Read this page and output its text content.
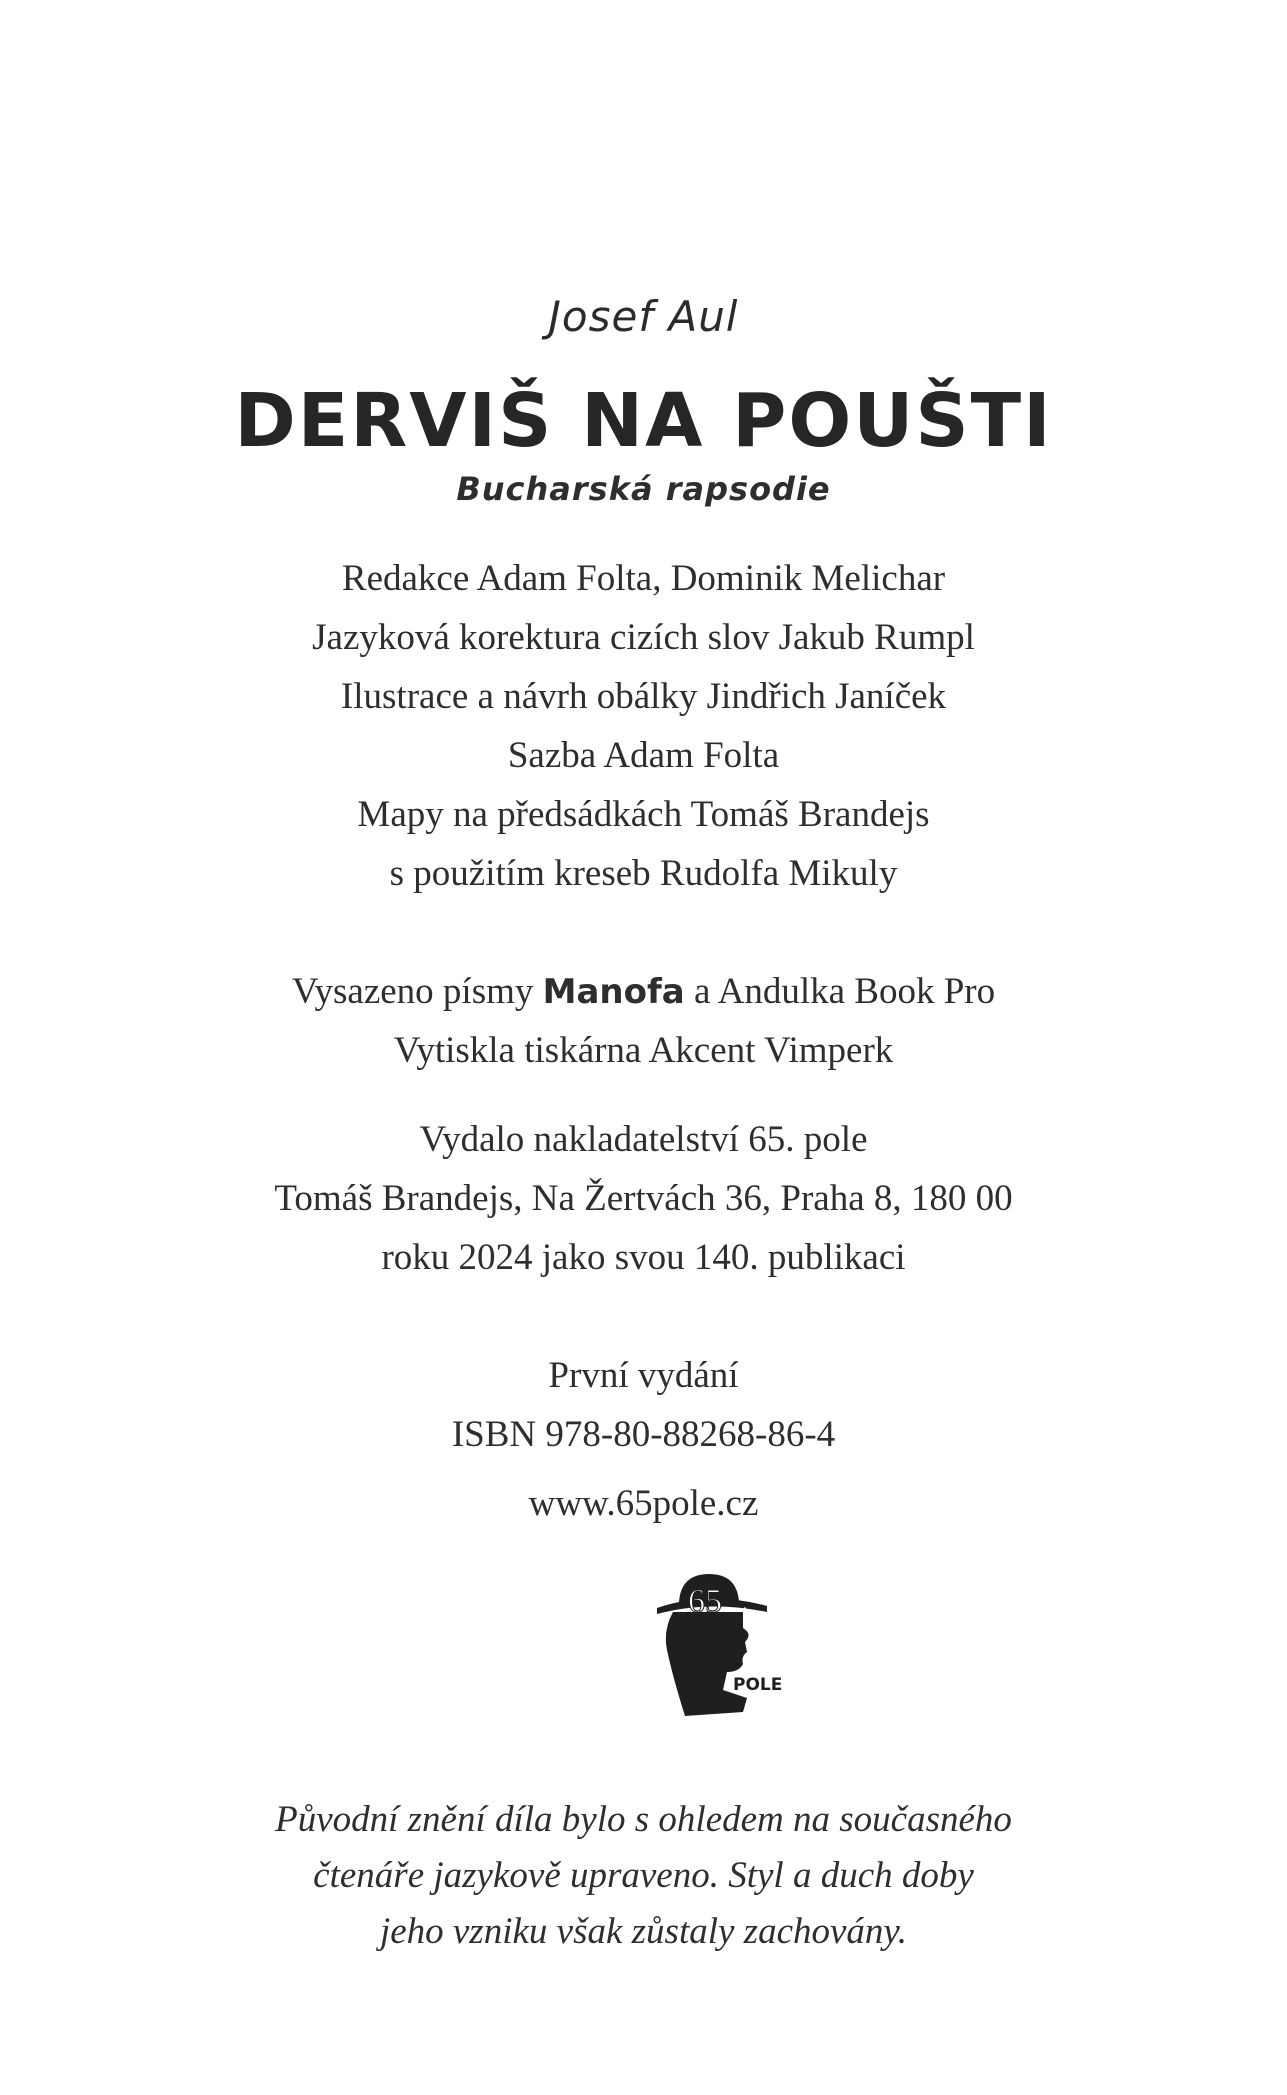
Josef Aul
DERVIŠ NA POUŠTI
Bucharská rapsodie
Redakce Adam Folta, Dominik Melichar
Jazyková korektura cizích slov Jakub Rumpl
Ilustrace a návrh obálky Jindřich Janíček
Sazba Adam Folta
Mapy na předsádkách Tomáš Brandejs
s použitím kreseb Rudolfa Mikuly
Vysazeno písmy Manofa a Andulka Book Pro
Vytiskla tiskárna Akcent Vimperk
Vydalo nakladatelství 65. pole
Tomáš Brandejs, Na Žertvách 36, Praha 8, 180 00
roku 2024 jako svou 140. publikaci
První vydání
ISBN 978-80-88268-86-4
www.65pole.cz
65 .
POLE
Původní znění díla bylo s ohledem na současného
čtenáře jazykově upraveno. Styl a duch doby
jeho vzniku však zůstaly zachovány.
